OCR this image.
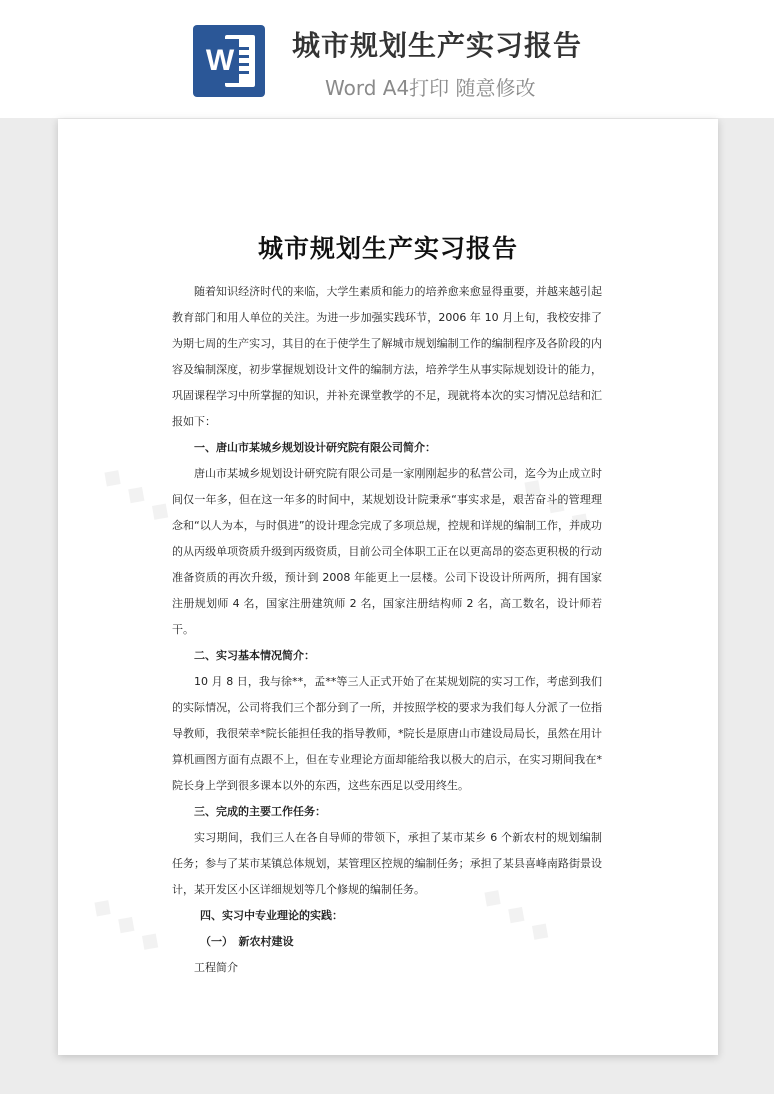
W 城市规划生产实习报告
Word A4打印 随意修改
◆ ◆ ◆	◆ ◆ ◆
◆ ◆ ◆	◆ ◆ ◆
城市规划生产实习报告

随着知识经济时代的来临，大学生素质和能力的培养愈来愈显得重要，并越来越引起教育部门和用人单位的关注。为进一步加强实践环节，2006 年 10 月上旬，我校安排了为期七周的生产实习，其目的在于使学生了解城市规划编制工作的编制程序及各阶段的内容及编制深度，初步掌握规划设计文件的编制方法，培养学生从事实际规划设计的能力，巩固课程学习中所掌握的知识，并补充课堂教学的不足，现就将本次的实习情况总结和汇报如下：

一、唐山市某城乡规划设计研究院有限公司简介：

唐山市某城乡规划设计研究院有限公司是一家刚刚起步的私营公司，迄今为止成立时间仅一年多，但在这一年多的时间中，某规划设计院秉承“事实求是，艰苦奋斗的管理理念和“以人为本，与时俱进”的设计理念完成了多项总规，控规和详规的编制工作，并成功的从丙级单项资质升级到丙级资质，目前公司全体职工正在以更高昂的姿态更积极的行动准备资质的再次升级，预计到 2008 年能更上一层楼。公司下设设计所两所，拥有国家注册规划师 4 名，国家注册建筑师 2 名，国家注册结构师 2 名，高工数名，设计师若干。

二、实习基本情况简介：

10 月 8 日，我与徐**，孟**等三人正式开始了在某规划院的实习工作，考虑到我们的实际情况，公司将我们三个都分到了一所，并按照学校的要求为我们每人分派了一位指导教师，我很荣幸*院长能担任我的指导教师，*院长是原唐山市建设局局长，虽然在用计算机画图方面有点跟不上，但在专业理论方面却能给我以极大的启示，在实习期间我在*院长身上学到很多课本以外的东西，这些东西足以受用终生。

三、完成的主要工作任务：

实习期间，我们三人在各自导师的带领下，承担了某市某乡 6 个新农村的规划编制任务；参与了某市某镇总体规划，某管理区控规的编制任务；承担了某县喜峰南路街景设计，某开发区小区详细规划等几个修规的编制任务。

四、实习中专业理论的实践：

（一）　新农村建设

工程简介
